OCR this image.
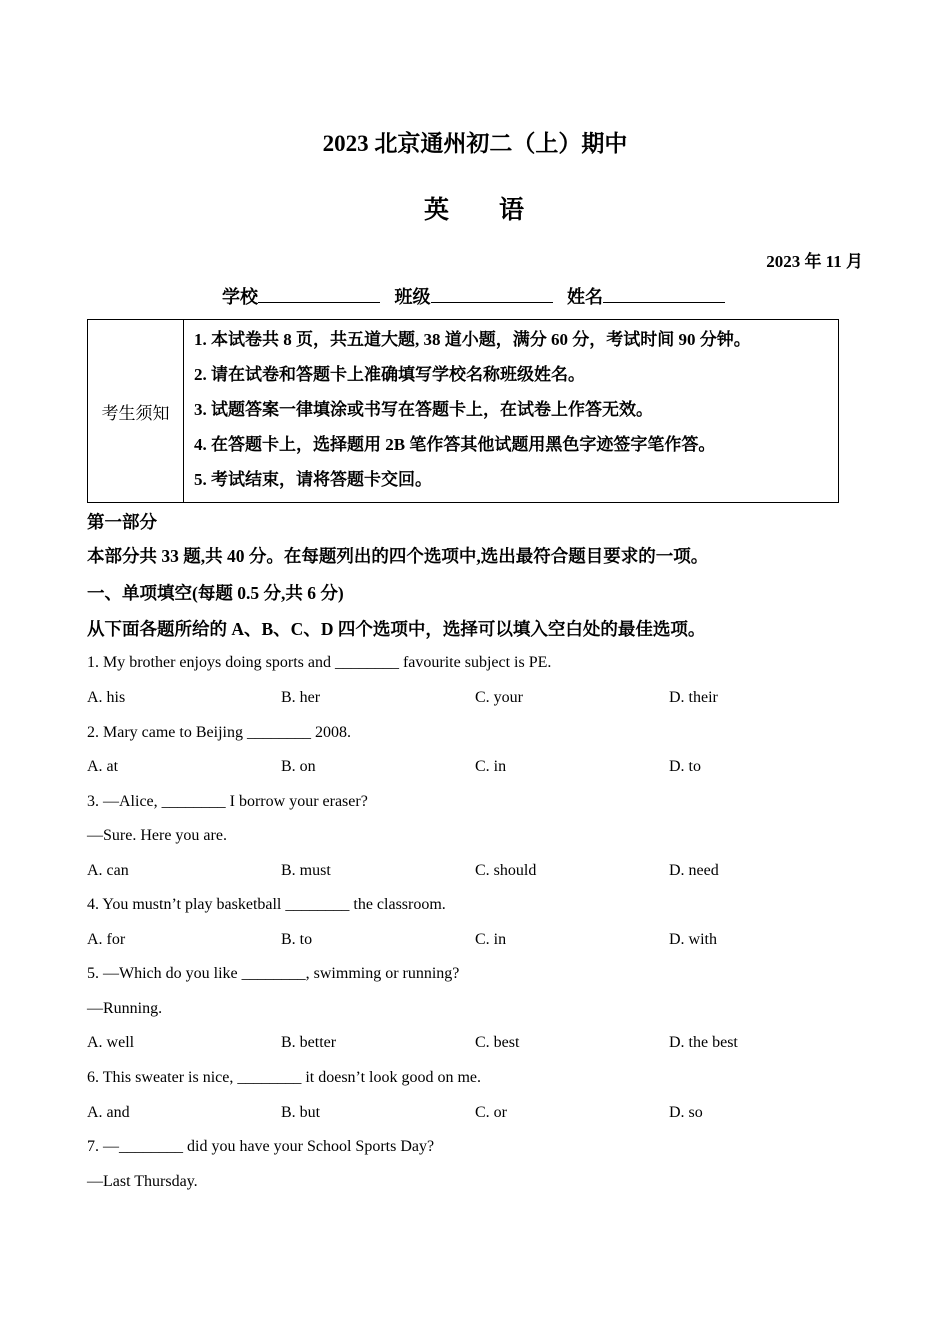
2023 北京通州初二（上）期中
英 语
2023 年 11 月
学校	班级	姓名
考生须知
1. 本试卷共 8 页，共五道大题, 38 道小题，满分 60 分，考试时间 90 分钟。
2. 请在试卷和答题卡上准确填写学校名称班级姓名。
3. 试题答案一律填涂或书写在答题卡上，在试卷上作答无效。
4. 在答题卡上，选择题用 2B 笔作答其他试题用黑色字迹签字笔作答。
5. 考试结束，请将答题卡交回。
第一部分
本部分共 33 题,共 40 分。在每题列出的四个选项中,选出最符合题目要求的一项。
一、单项填空(每题 0.5 分,共 6 分)
从下面各题所给的 A、B、C、D 四个选项中，选择可以填入空白处的最佳选项。
1. My brother enjoys doing sports and ________ favourite subject is PE.
A. his	B. her	C. your	D. their
2. Mary came to Beijing ________ 2008.
A. at	B. on	C. in	D. to
3. —Alice, ________ I borrow your eraser?
—Sure. Here you are.
A. can	B. must	C. should	D. need
4. You mustn’t play basketball ________ the classroom.
A. for	B. to	C. in	D. with
5. —Which do you like ________, swimming or running?
—Running.
A. well	B. better	C. best	D. the best
6. This sweater is nice, ________ it doesn’t look good on me.
A. and	B. but	C. or	D. so
7. —________ did you have your School Sports Day?
—Last Thursday.
